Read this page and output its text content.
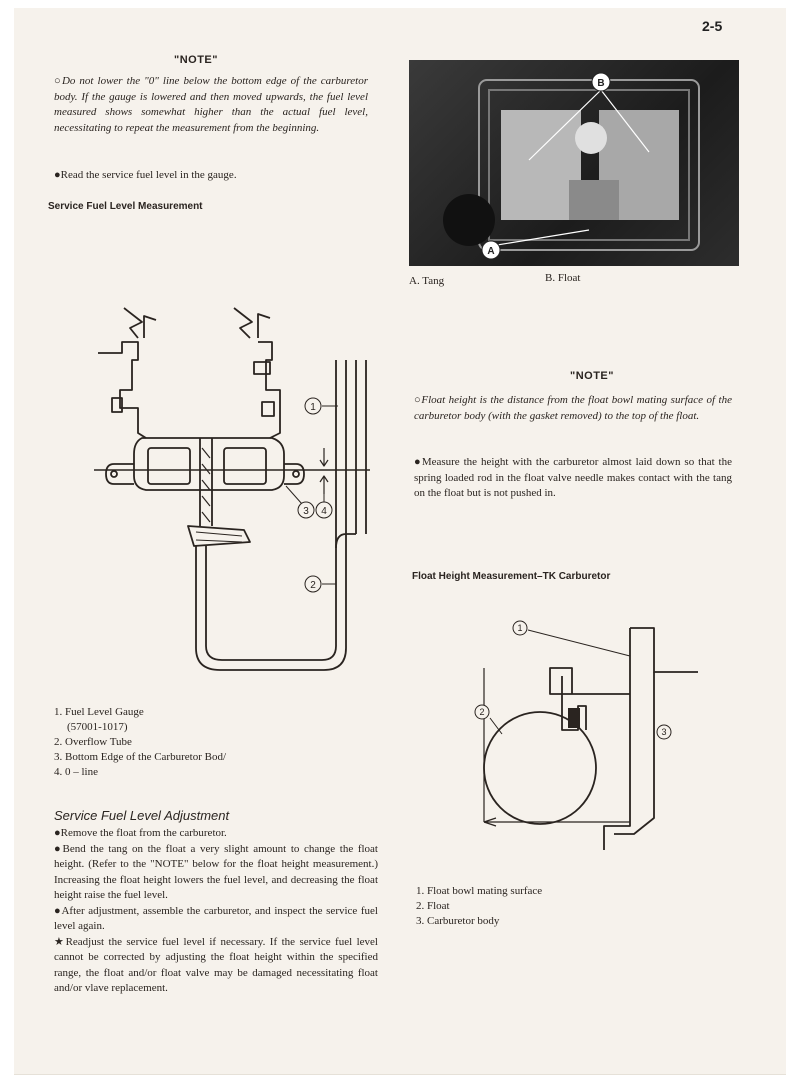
2-5
"NOTE"
○Do not lower the "0" line below the bottom edge of the carburetor body. If the gauge is lowered and then moved upwards, the fuel level measured shows somewhat higher than the actual fuel level, necessitating to repeat the measurement from the beginning.
●Read the service fuel level in the gauge.
Service Fuel Level Measurement
1
2
3 4
1. Fuel Level Gauge
(57001-1017)
2. Overflow Tube
3. Bottom Edge of the Carburetor Bod/
4. 0 – line
Service Fuel Level Adjustment
●Remove the float from the carburetor.
●Bend the tang on the float a very slight amount to change the float height. (Refer to the "NOTE" below for the float height measurement.) Increasing the float height lowers the fuel level, and decreasing the float height raise the fuel level.
●After adjustment, assemble the carburetor, and inspect the service fuel level again.
★Readjust the service fuel level if necessary. If the service fuel level cannot be corrected by adjusting the float height within the specified range, the float and/or float valve may be damaged necessitating float and/or vlave replacement.
B
A
A. Tang	B. Float
"NOTE"
○Float height is the distance from the float bowl mating surface of the carburetor body (with the gasket removed) to the top of the float.
●Measure the height with the carburetor almost laid down so that the spring loaded rod in the float valve needle makes contact with the tang on the float but is not pushed in.
Float Height Measurement–TK Carburetor
1
2
3
1. Float bowl mating surface
2. Float
3. Carburetor body
